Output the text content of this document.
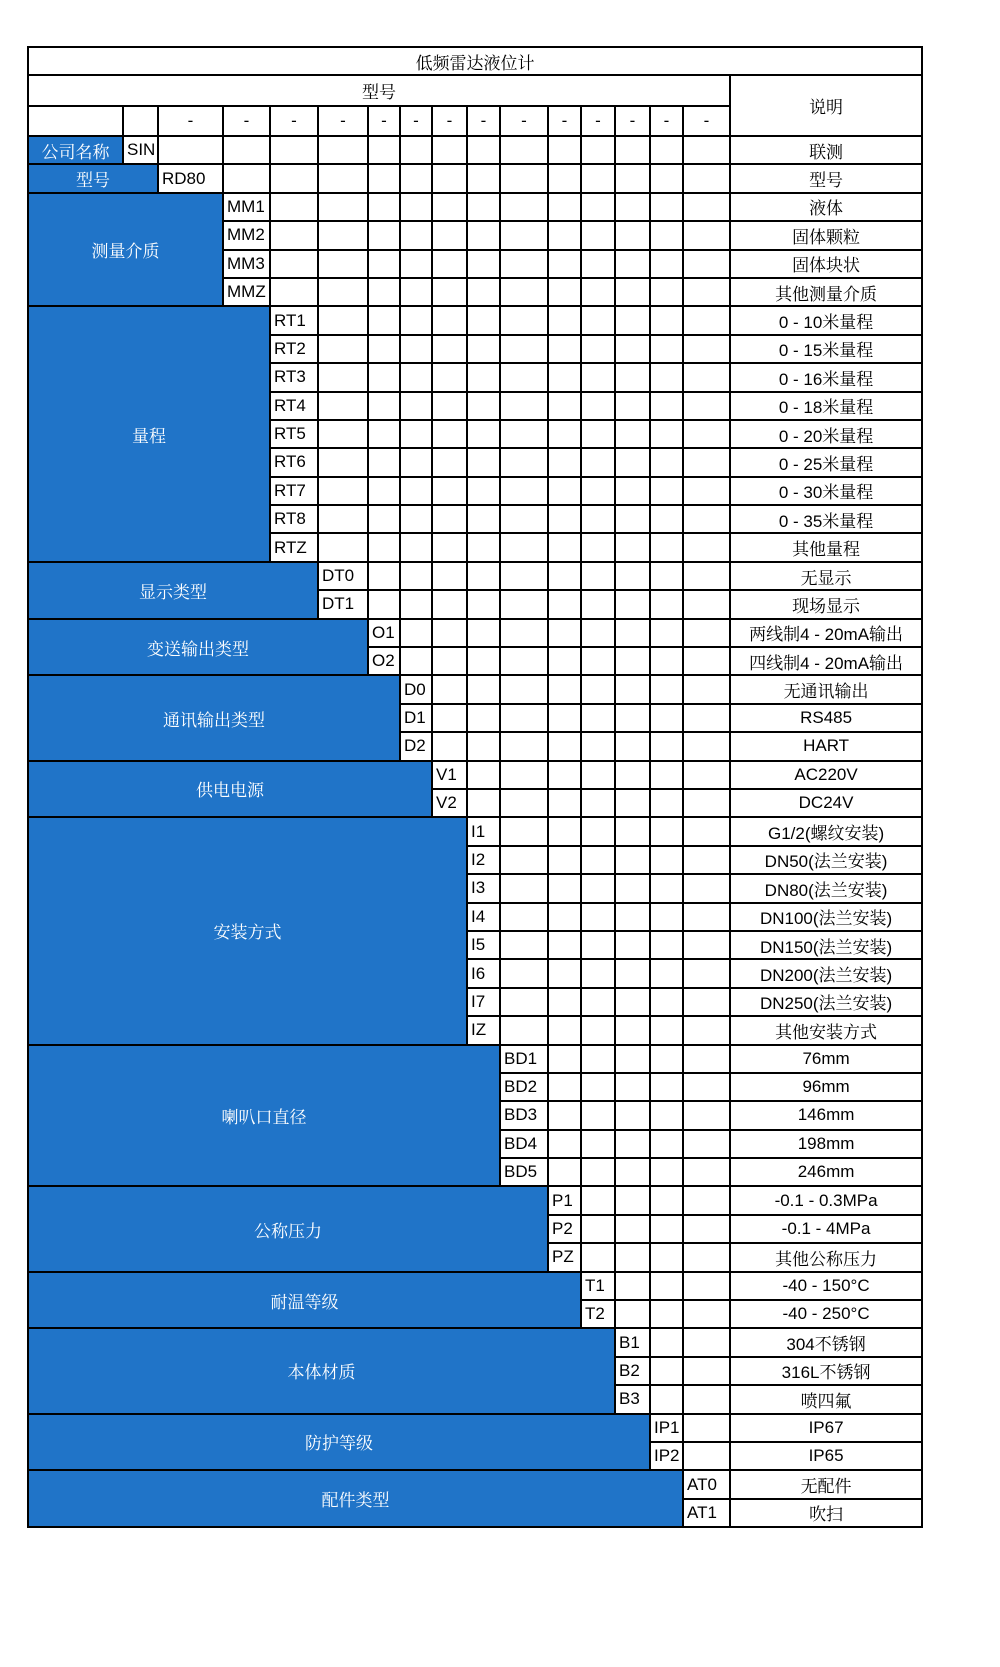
低频雷达液位计																
型号																说明
		-	-	-	-	-	-	-	-	-	-	-	-	-	-	
公司名称	SIN															联测
型号		RD80														型号
测量介质			MM1													液体
			MM2													固体颗粒
			MM3													固体块状
			MMZ													其他测量介质
量程				RT1												0 - 10米量程
				RT2												0 - 15米量程
				RT3												0 - 16米量程
				RT4												0 - 18米量程
				RT5												0 - 20米量程
				RT6												0 - 25米量程
				RT7												0 - 30米量程
				RT8												0 - 35米量程
				RTZ												其他量程
显示类型					DT0											无显示
					DT1											现场显示
变送输出类型						O1										两线制4 - 20mA输出
						O2										四线制4 - 20mA输出
通讯输出类型							D0									无通讯输出
							D1									RS485
							D2									HART
供电电源								V1								AC220V
								V2								DC24V
安装方式									I1							G1/2(螺纹安装)
									I2							DN50(法兰安装)
									I3							DN80(法兰安装)
									I4							DN100(法兰安装)
									I5							DN150(法兰安装)
									I6							DN200(法兰安装)
									I7							DN250(法兰安装)
									IZ							其他安装方式
喇叭口直径										BD1						76mm
										BD2						96mm
										BD3						146mm
										BD4						198mm
										BD5						246mm
公称压力											P1					-0.1 - 0.3MPa
											P2					-0.1 - 4MPa
											PZ					其他公称压力
耐温等级												T1				-40 - 150°C
												T2				-40 - 250°C
本体材质													B1			304不锈钢
													B2			316L不锈钢
													B3			喷四氟
防护等级														IP1		IP67
														IP2		IP65
配件类型															AT0	无配件
															AT1	吹扫
